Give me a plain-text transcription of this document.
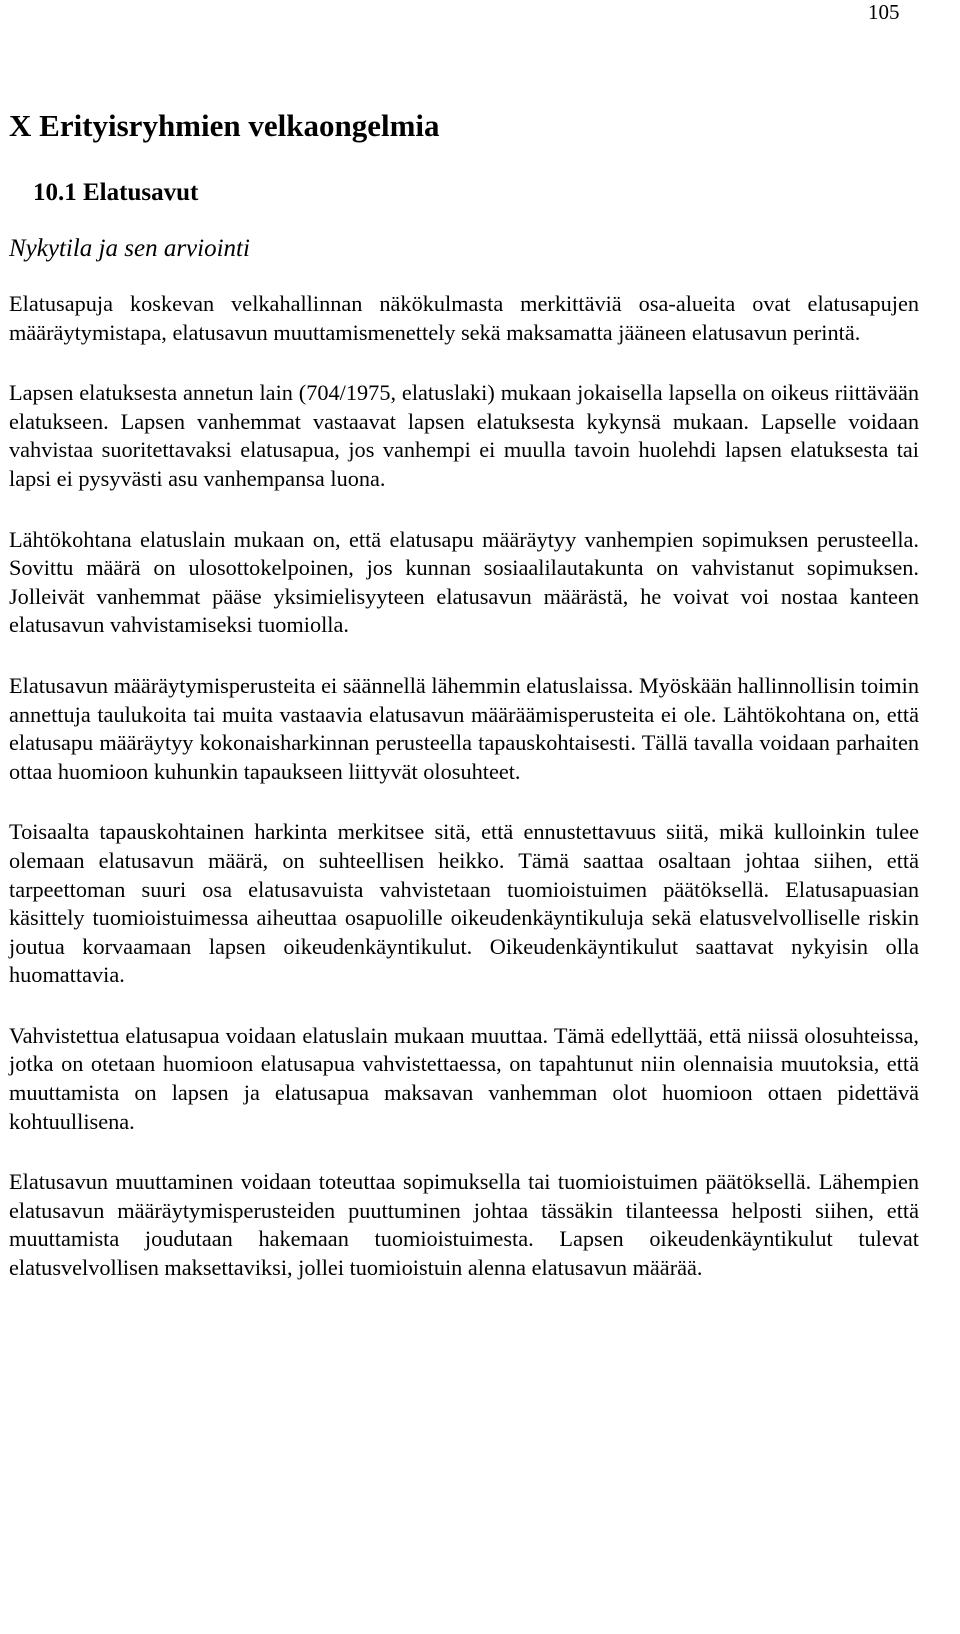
105
X Erityisryhmien velkaongelmia
10.1 Elatusavut
Nykytila ja sen arviointi

Elatusapuja koskevan velkahallinnan näkökulmasta merkittäviä osa-alueita ovat elatusapujen määräytymistapa, elatusavun muuttamismenettely sekä maksamatta jääneen elatusavun perintä.

Lapsen elatuksesta annetun lain (704/1975, elatuslaki) mukaan jokaisella lapsella on oikeus riittävään elatukseen. Lapsen vanhemmat vastaavat lapsen elatuksesta kykynsä mukaan. Lapselle voidaan vahvistaa suoritettavaksi elatusapua, jos vanhempi ei muulla tavoin huolehdi lapsen elatuksesta tai lapsi ei pysyvästi asu vanhempansa luona.

Lähtökohtana elatuslain mukaan on, että elatusapu määräytyy vanhempien sopimuksen perusteella. Sovittu määrä on ulosottokelpoinen, jos kunnan sosiaalilautakunta on vahvistanut sopimuksen. Jolleivät vanhemmat pääse yksimielisyyteen elatusavun määrästä, he voivat voi nostaa kanteen elatusavun vahvistamiseksi tuomiolla.

Elatusavun määräytymisperusteita ei säännellä lähemmin elatuslaissa. Myöskään hallinnollisin toimin annettuja taulukoita tai muita vastaavia elatusavun määräämisperusteita ei ole. Lähtökohtana on, että elatusapu määräytyy kokonaisharkinnan perusteella tapauskohtaisesti. Tällä tavalla voidaan parhaiten ottaa huomioon kuhunkin tapaukseen liittyvät olosuhteet.

Toisaalta tapauskohtainen harkinta merkitsee sitä, että ennustettavuus siitä, mikä kulloinkin tulee olemaan elatusavun määrä, on suhteellisen heikko. Tämä saattaa osaltaan johtaa siihen, että tarpeettoman suuri osa elatusavuista vahvistetaan tuomioistuimen päätöksellä. Elatusapuasian käsittely tuomioistuimessa aiheuttaa osapuolille oikeudenkäyntikuluja sekä elatusvelvolliselle riskin joutua korvaamaan lapsen oikeudenkäyntikulut. Oikeudenkäyntikulut saattavat nykyisin olla huomattavia.

Vahvistettua elatusapua voidaan elatuslain mukaan muuttaa. Tämä edellyttää, että niissä olosuhteissa, jotka on otetaan huomioon elatusapua vahvistettaessa, on tapahtunut niin olennaisia muutoksia, että muuttamista on lapsen ja elatusapua maksavan vanhemman olot huomioon ottaen pidettävä kohtuullisena.

Elatusavun muuttaminen voidaan toteuttaa sopimuksella tai tuomioistuimen päätöksellä. Lähempien elatusavun määräytymisperusteiden puuttuminen johtaa tässäkin tilanteessa helposti siihen, että muuttamista joudutaan hakemaan tuomioistuimesta. Lapsen oikeudenkäyntikulut tulevat elatusvelvollisen maksettaviksi, jollei tuomioistuin alenna elatusavun määrää.
